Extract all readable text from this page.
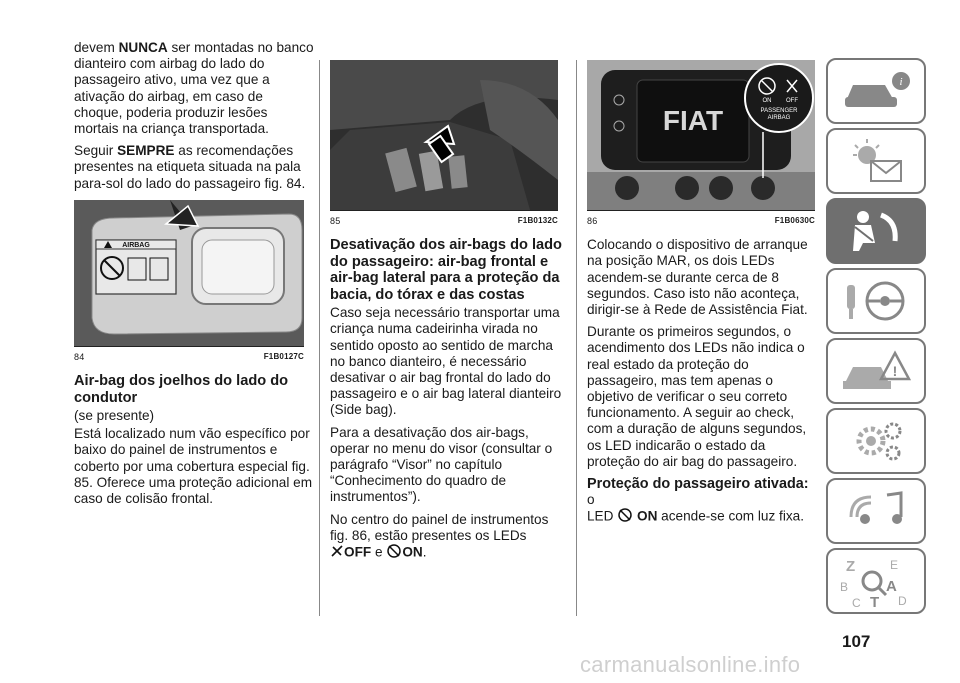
devem NUNCA ser montadas no banco dianteiro com airbag do lado do passageiro ativo, uma vez que a ativação do airbag, em caso de choque, poderia produzir lesões mortais na criança transportada.

Seguir SEMPRE as recomendações presentes na etiqueta situada na pala para-sol do lado do passageiro fig. 84.

AIRBAG
84	F1B0127C
Air-bag dos joelhos do lado do condutor

(se presente)

Está localizado num vão específico por baixo do painel de instrumentos e coberto por uma cobertura especial fig. 85. Oferece uma proteção adicional em caso de colisão frontal.

85	F1B0132C
Desativação dos air-bags do lado do passageiro: air-bag frontal e air-bag lateral para a proteção da bacia, do tórax e das costas

Caso seja necessário transportar uma criança numa cadeirinha virada no sentido oposto ao sentido de marcha no banco dianteiro, é necessário desativar o air bag frontal do lado do passageiro e o air bag lateral dianteiro (Side bag).

Para a desativação dos air-bags, operar no menu do visor (consultar o parágrafo “Visor” no capítulo “Conhecimento do quadro de instrumentos”).

No centro do painel de instrumentos fig. 86, estão presentes os LEDs
OFF e ON.

FIAT
ON OFF
PASSENGER
AIRBAG
86	F1B0630C

Colocando o dispositivo de arranque na posição MAR, os dois LEDs acendem-se durante cerca de 8 segundos. Caso isto não aconteça, dirigir-se à Rede de Assistência Fiat.

Durante os primeiros segundos, o acendimento dos LEDs não indica o real estado da proteção do passageiro, mas tem apenas o objetivo de verificar o seu correto funcionamento. A seguir ao check, com a duração de alguns segundos, os LED indicarão o estado da proteção do air bag do passageiro.

Proteção do passageiro ativada: o
LED  ON acende-se com luz fixa.

i
!
Z	E
B	A
C T D
107
carmanualsonline.info
